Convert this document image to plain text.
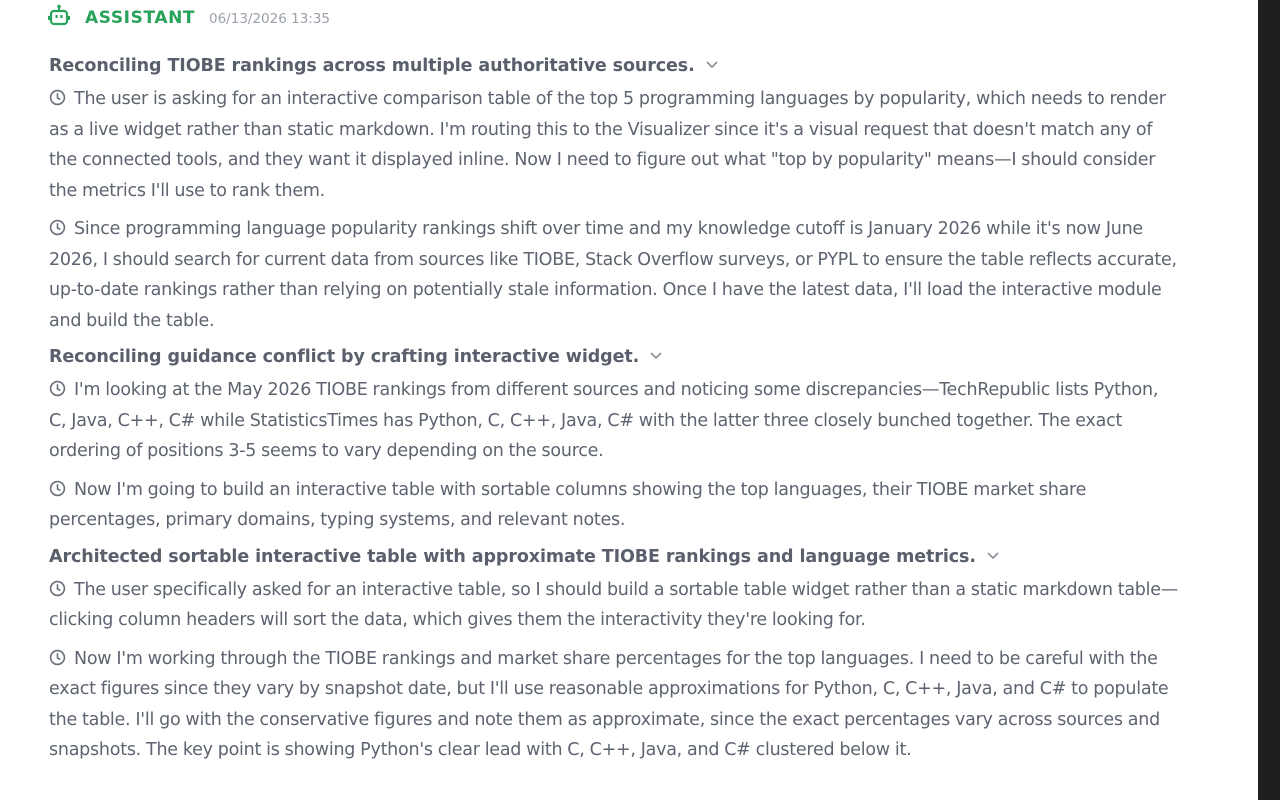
ASSISTANT 06/13/2026 13:35
Reconciling TIOBE rankings across multiple authoritative sources.
The user is asking for an interactive comparison table of the top 5 programming languages by popularity, which needs to render as a live widget rather than static markdown. I'm routing this to the Visualizer since it's a visual request that doesn't match any of the connected tools, and they want it displayed inline. Now I need to figure out what "top by popularity" means—I should consider the metrics I'll use to rank them.
Since programming language popularity rankings shift over time and my knowledge cutoff is January 2026 while it's now June 2026, I should search for current data from sources like TIOBE, Stack Overflow surveys, or PYPL to ensure the table reflects accurate, up-to-date rankings rather than relying on potentially stale information. Once I have the latest data, I'll load the interactive module and build the table.
Reconciling guidance conflict by crafting interactive widget.
I'm looking at the May 2026 TIOBE rankings from different sources and noticing some discrepancies—TechRepublic lists Python, C, Java, C++, C# while StatisticsTimes has Python, C, C++, Java, C# with the latter three closely bunched together. The exact ordering of positions 3-5 seems to vary depending on the source.
Now I'm going to build an interactive table with sortable columns showing the top languages, their TIOBE market share percentages, primary domains, typing systems, and relevant notes.
Architected sortable interactive table with approximate TIOBE rankings and language metrics.
The user specifically asked for an interactive table, so I should build a sortable table widget rather than a static markdown table—clicking column headers will sort the data, which gives them the interactivity they're looking for.
Now I'm working through the TIOBE rankings and market share percentages for the top languages. I need to be careful with the exact figures since they vary by snapshot date, but I'll use reasonable approximations for Python, C, C++, Java, and C# to populate the table. I'll go with the conservative figures and note them as approximate, since the exact percentages vary across sources and snapshots. The key point is showing Python's clear lead with C, C++, Java, and C# clustered below it.
